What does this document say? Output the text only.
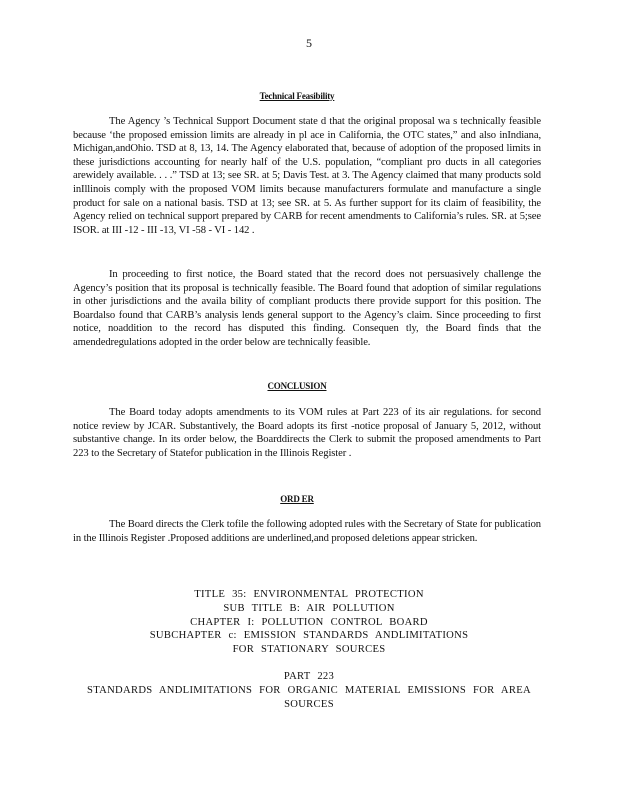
5
Technical Feasibility

The Agency ’s Technical Support Document state d that the original proposal wa s technically feasible because ‘the proposed emission limits are already in pl ace in California, the OTC states,” and also inIndiana, Michigan,andOhio. TSD at 8, 13, 14. The Agency elaborated that, because of adoption of the proposed limits in these jurisdictions accounting for nearly half of the U.S. population, “compliant pro ducts in all categories arewidely available. . . .” TSD at 13; see SR. at 5; Davis Test. at 3. The Agency claimed that many products sold inIllinois comply with the proposed VOM limits because manufacturers formulate and manufacture a single product for sale on a national basis. TSD at 13; see SR. at 5. As further support for its claim of feasibility, the Agency relied on technical support prepared by CARB for recent amendments to California’s rules. SR. at 5;see ISOR. at III -12 - III -13, VI -58 - VI - 142 .

In proceeding to first notice, the Board stated that the record does not persuasively challenge the Agency’s position that its proposal is technically feasible. The Board found that adoption of similar regulations in other jurisdictions and the availa bility of compliant products there provide support for this position. The Boardalso found that CARB’s analysis lends general support to the Agency’s claim. Since proceeding to first notice, noaddition to the record has disputed this finding. Consequen tly, the Board finds that the amendedregulations adopted in the order below are technically feasible.

CONCLUSION

The Board today adopts amendments to its VOM rules at Part 223 of its air regulations. for second notice review by JCAR. Substantively, the Board adopts its first -notice proposal of January 5, 2012, without substantive change. In its order below, the Boarddirects the Clerk to submit the proposed amendments to Part 223 to the Secretary of Statefor publication in the Illinois Register .

ORD ER

The Board directs the Clerk tofile the following adopted rules with the Secretary of State for publication in the Illinois Register .Proposed additions are underlined,and proposed deletions appear stricken.

TITLE 35: ENVIRONMENTAL PROTECTION
SUB TITLE B: AIR POLLUTION
CHAPTER I: POLLUTION CONTROL BOARD
SUBCHAPTER c: EMISSION STANDARDS ANDLIMITATIONS
FOR STATIONARY SOURCES
PART 223
STANDARDS ANDLIMITATIONS FOR ORGANIC MATERIAL EMISSIONS FOR AREA
SOURCES
